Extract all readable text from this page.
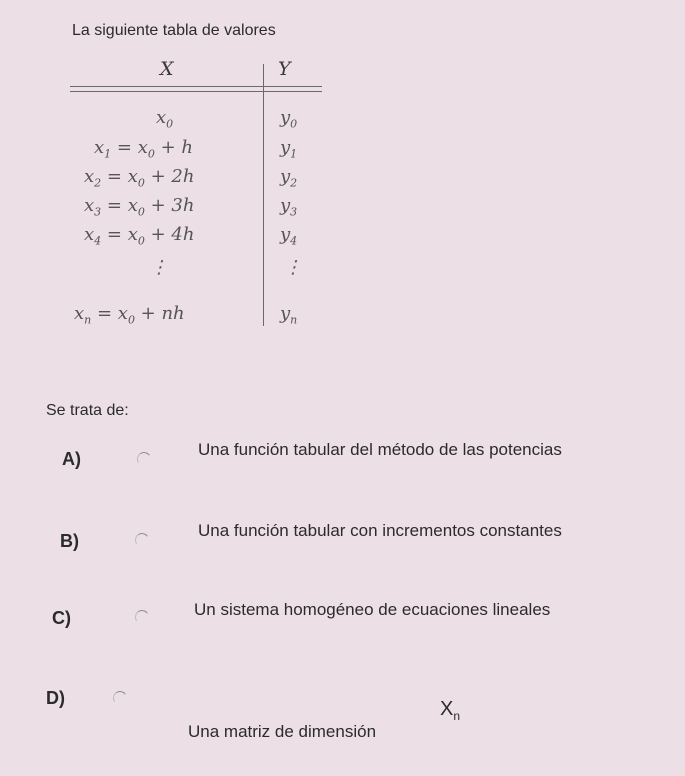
La siguiente tabla de valores
X	Y
$x_0$	$y_0$
$x_1 = x_0 + h$	$y_1$
$x_2 = x_0 + 2h$	$y_2$
$x_3 = x_0 + 3h$	$y_3$
$x_4 = x_0 + 4h$	$y_4$
⋮	⋮
$x_n = x_0$ + nh	$y_n$
Se trata de:
A)	Una función tabular del método de las potencias
B)
Una función tabular con incrementos constantes
C)	Un sistema homogéneo de ecuaciones lineales
D)
Una matriz de dimensión
$X_n$
